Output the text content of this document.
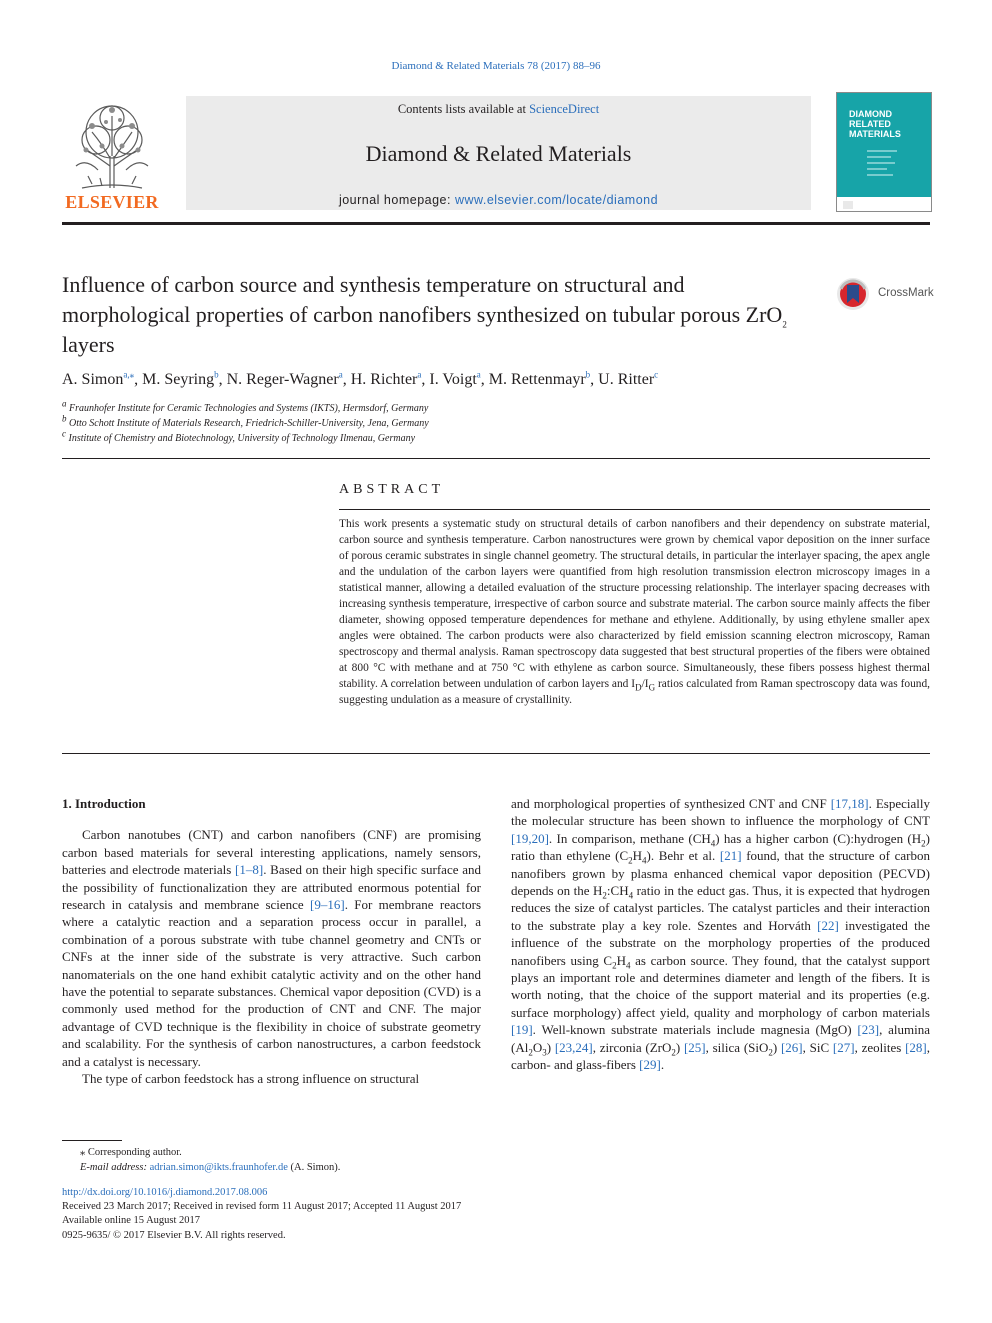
Diamond & Related Materials 78 (2017) 88–96
ELSEVIER
Contents lists available at ScienceDirect
Diamond & Related Materials
journal homepage: www.elsevier.com/locate/diamond
DIAMOND
RELATED
MATERIALS
Influence of carbon source and synthesis temperature on structural and morphological properties of carbon nanofibers synthesized on tubular porous ZrO$_2$ layers
CrossMark
A. Simon$^{a,⁎}$, M. Seyring$^b$, N. Reger-Wagner$^a$, H. Richter$^a$, I. Voigt$^a$, M. Rettenmayr$^b$, U. Ritter$^c$
$^a$ Fraunhofer Institute for Ceramic Technologies and Systems (IKTS), Hermsdorf, Germany
$^b$ Otto Schott Institute of Materials Research, Friedrich-Schiller-University, Jena, Germany
$^c$ Institute of Chemistry and Biotechnology, University of Technology Ilmenau, Germany
ABSTRACT
This work presents a systematic study on structural details of carbon nanofibers and their dependency on substrate material, carbon source and synthesis temperature. Carbon nanostructures were grown by chemical vapor deposition on the inner surface of porous ceramic substrates in single channel geometry. The structural details, in particular the interlayer spacing, the apex angle and the undulation of the carbon layers were quantified from high resolution transmission electron microscopy images in a statistical manner, allowing a detailed evaluation of the structure processing relationship. The interlayer spacing decreases with increasing synthesis temperature, irrespective of carbon source and substrate material. The carbon source mainly affects the fiber diameter, showing opposed temperature dependences for methane and ethylene. Additionally, by using ethylene smaller apex angles were obtained. The carbon products were also characterized by field emission scanning electron microscopy, Raman spectroscopy and thermal analysis. Raman spectroscopy data suggested that best structural properties of the fibers were obtained at 800 °C with methane and at 750 °C with ethylene as carbon source. Simultaneously, these fibers possess highest thermal stability. A correlation between undulation of carbon layers and $I_D/I_G$ ratios calculated from Raman spectroscopy data was found, suggesting undulation as a measure of crystallinity.

1. Introduction

Carbon nanotubes (CNT) and carbon nanofibers (CNF) are promising carbon based materials for several interesting applications, namely sensors, batteries and electrode materials [1–8]. Based on their high specific surface and the possibility of functionalization they are attributed enormous potential for research in catalysis and membrane science [9–16]. For membrane reactors where a catalytic reaction and a separation process occur in parallel, a combination of a porous substrate with tube channel geometry and CNTs or CNFs at the inner side of the substrate is very attractive. Such carbon nanomaterials on the one hand exhibit catalytic activity and on the other hand have the potential to separate substances. Chemical vapor deposition (CVD) is a commonly used method for the production of CNT and CNF. The major advantage of CVD technique is the flexibility in choice of substrate geometry and scalability. For the synthesis of carbon nanostructures, a carbon feedstock and a catalyst is necessary.

The type of carbon feedstock has a strong influence on structural

and morphological properties of synthesized CNT and CNF [17,18]. Especially the molecular structure has been shown to influence the morphology of CNT [19,20]. In comparison, methane $(CH_4)$ has a higher carbon (C):hydrogen $(H_2)$ ratio than ethylene $(C_2H_4)$. Behr et al. [21] found, that the structure of carbon nanofibers grown by plasma enhanced chemical vapor deposition (PECVD) depends on the $H_2:CH_4$ ratio in the educt gas. Thus, it is expected that hydrogen reduces the size of catalyst particles. The catalyst particles and their interaction to the substrate play a key role. Szentes and Horváth [22] investigated the influence of the substrate on the morphology properties of the produced nanofibers using $C_2H_4$ as carbon source. They found, that the catalyst support plays an important role and determines diameter and length of the fibers. It is worth noting, that the choice of the support material and its properties (e.g. surface morphology) affect yield, quality and morphology of carbon materials [19]. Well-known substrate materials include magnesia (MgO) [23], alumina $(Al_2O_3)$ [23,24], zirconia (ZrO$_2$) [25], silica (SiO$_2$) [26], SiC [27], zeolites [28], carbon- and glass-fibers [29].

⁎ Corresponding author.
E-mail address: adrian.simon@ikts.fraunhofer.de (A. Simon).
http://dx.doi.org/10.1016/j.diamond.2017.08.006
Received 23 March 2017; Received in revised form 11 August 2017; Accepted 11 August 2017
Available online 15 August 2017
0925-9635/ © 2017 Elsevier B.V. All rights reserved.
